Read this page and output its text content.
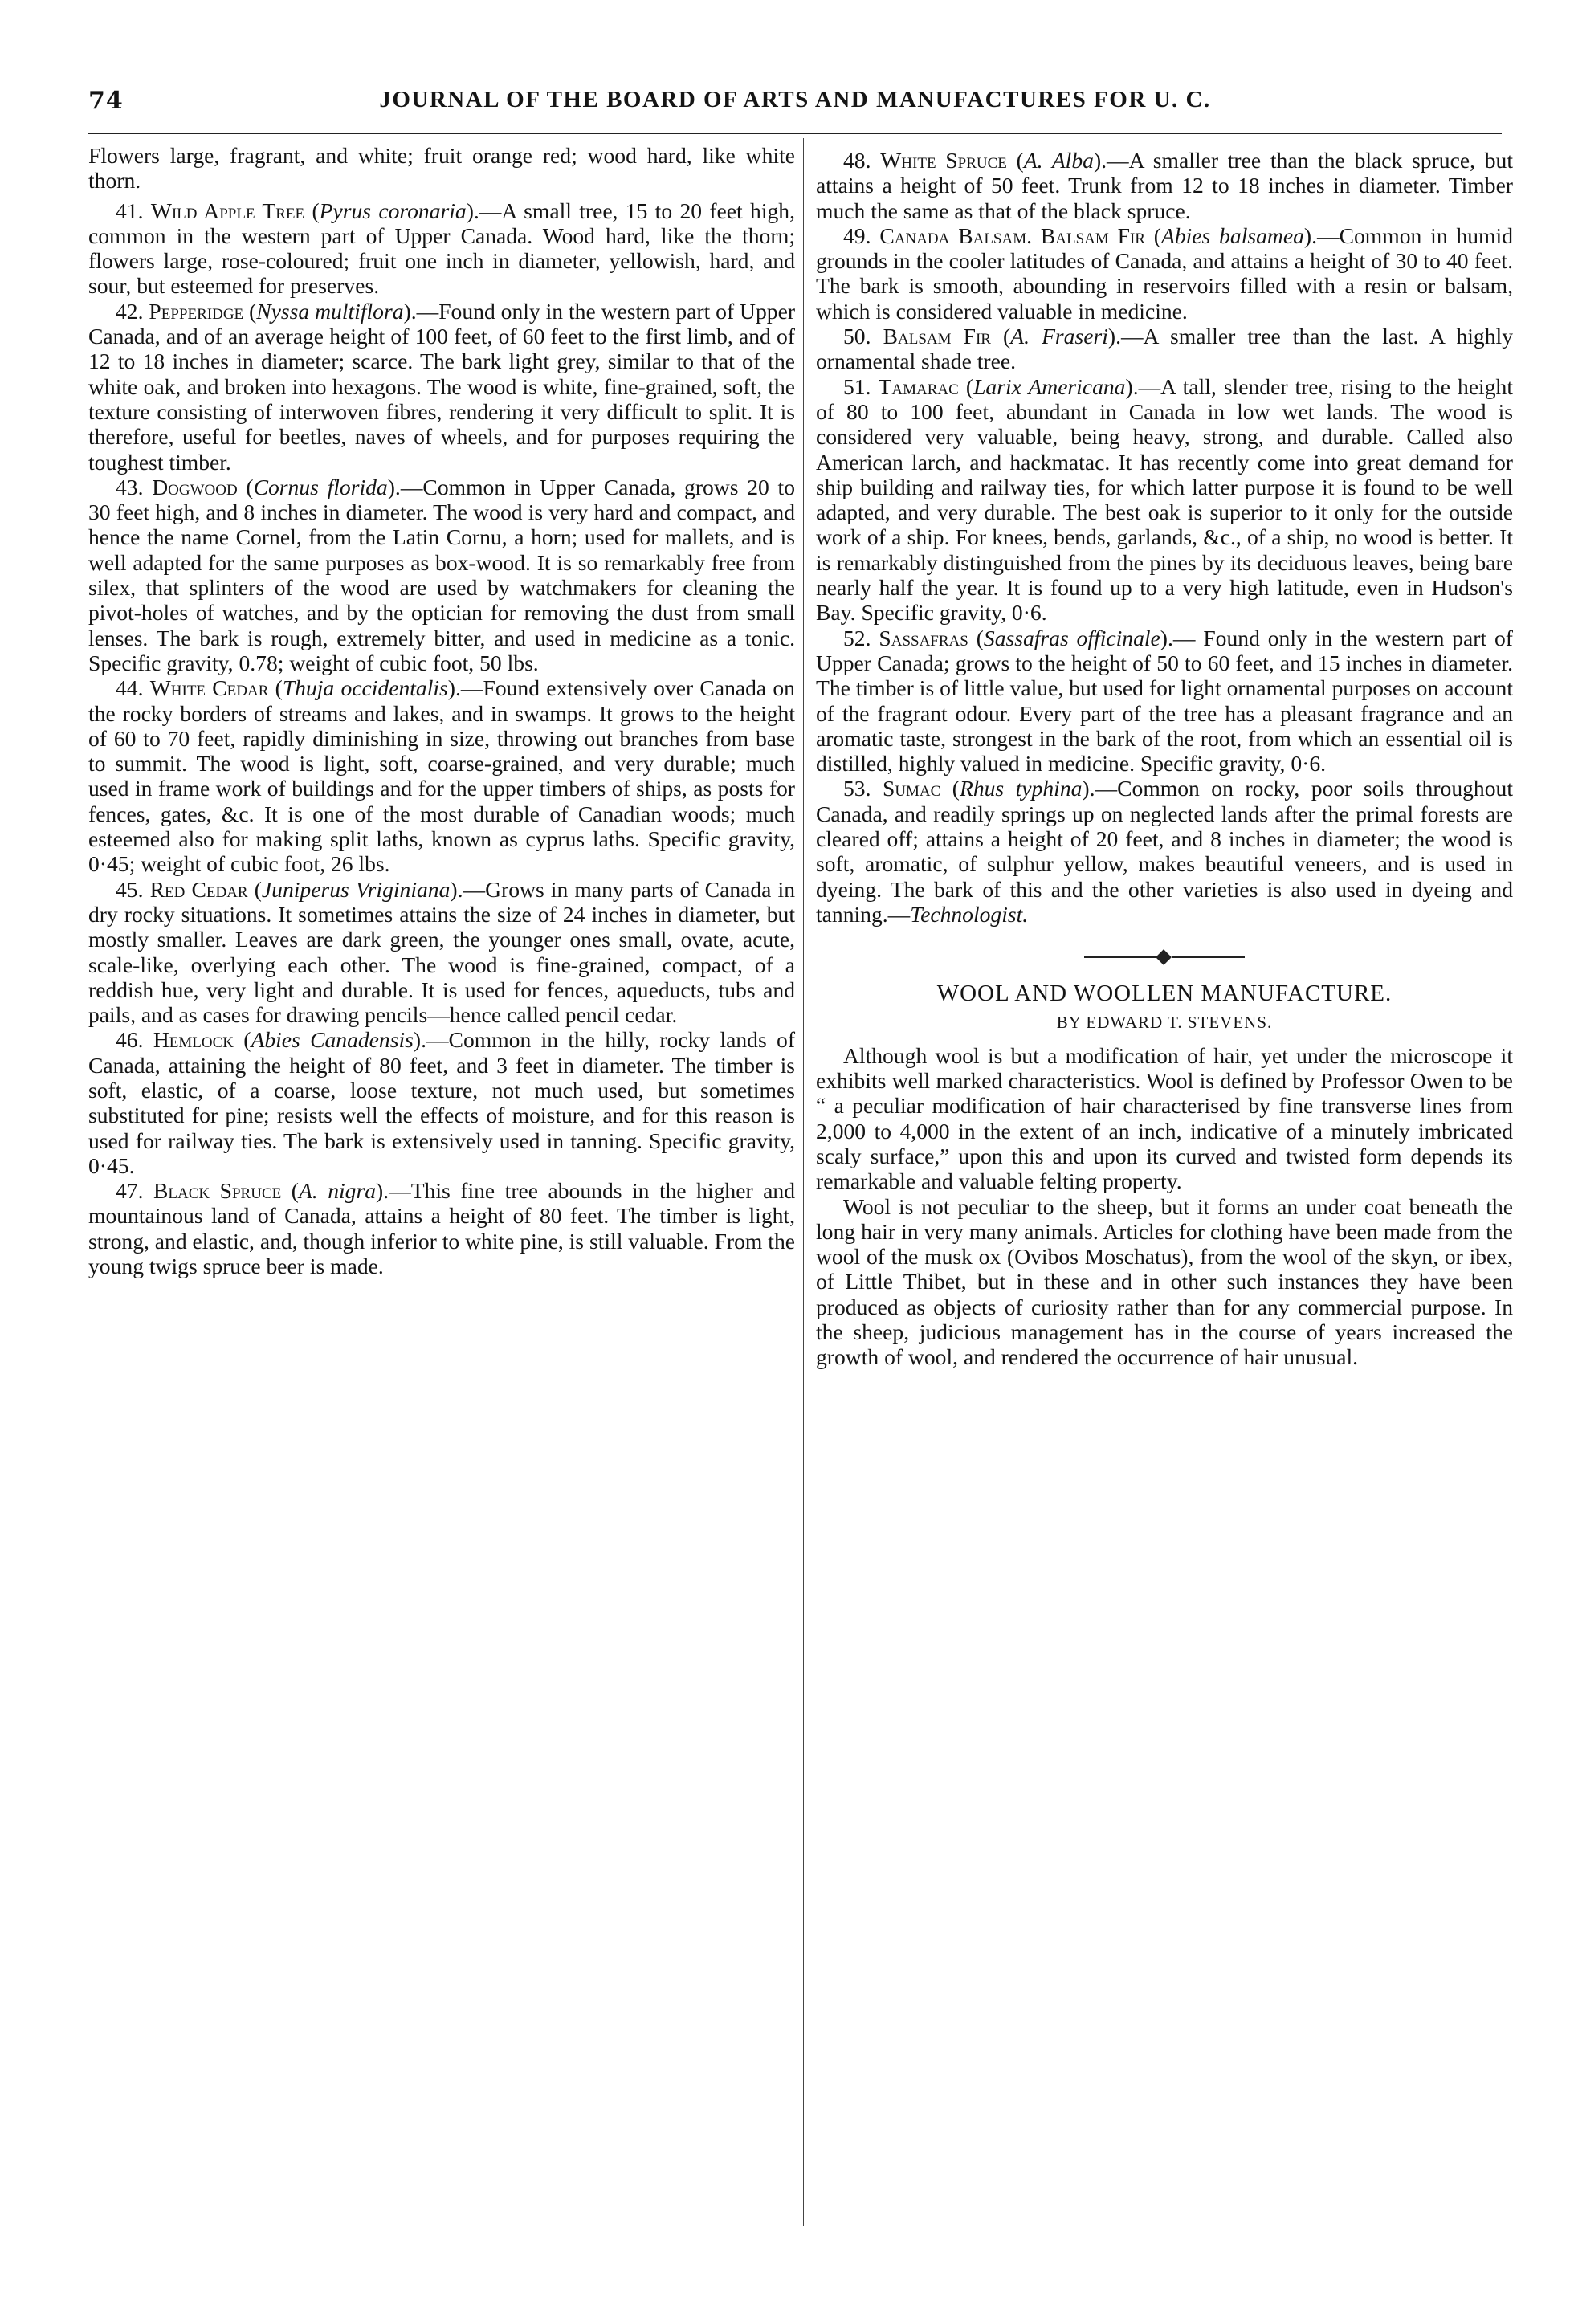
74	JOURNAL OF THE BOARD OF ARTS AND MANUFACTURES FOR U. C.

Flowers large, fragrant, and white; fruit orange red; wood hard, like white thorn.

41. Wild Apple Tree (Pyrus coronaria).—A small tree, 15 to 20 feet high, common in the western part of Upper Canada. Wood hard, like the thorn; flowers large, rose-coloured; fruit one inch in diameter, yellowish, hard, and sour, but esteemed for preserves.

42. Pepperidge (Nyssa multiflora).—Found only in the western part of Upper Canada, and of an average height of 100 feet, of 60 feet to the first limb, and of 12 to 18 inches in diameter; scarce. The bark light grey, similar to that of the white oak, and broken into hexagons. The wood is white, fine-grained, soft, the texture consisting of interwoven fibres, rendering it very difficult to split. It is therefore, useful for beetles, naves of wheels, and for purposes requiring the toughest timber.

43. Dogwood (Cornus florida).—Common in Upper Canada, grows 20 to 30 feet high, and 8 inches in diameter. The wood is very hard and compact, and hence the name Cornel, from the Latin Cornu, a horn; used for mallets, and is well adapted for the same purposes as box-wood. It is so remarkably free from silex, that splinters of the wood are used by watchmakers for cleaning the pivot-holes of watches, and by the optician for removing the dust from small lenses. The bark is rough, extremely bitter, and used in medicine as a tonic. Specific gravity, 0.78; weight of cubic foot, 50 lbs.

44. White Cedar (Thuja occidentalis).—Found extensively over Canada on the rocky borders of streams and lakes, and in swamps. It grows to the height of 60 to 70 feet, rapidly diminishing in size, throwing out branches from base to summit. The wood is light, soft, coarse-grained, and very durable; much used in frame work of buildings and for the upper timbers of ships, as posts for fences, gates, &c. It is one of the most durable of Canadian woods; much esteemed also for making split laths, known as cyprus laths. Specific gravity, 0·45; weight of cubic foot, 26 lbs.

45. Red Cedar (Juniperus Vriginiana).—Grows in many parts of Canada in dry rocky situations. It sometimes attains the size of 24 inches in diameter, but mostly smaller. Leaves are dark green, the younger ones small, ovate, acute, scale-like, overlying each other. The wood is fine-grained, compact, of a reddish hue, very light and durable. It is used for fences, aqueducts, tubs and pails, and as cases for drawing pencils—hence called pencil cedar.

46. Hemlock (Abies Canadensis).—Common in the hilly, rocky lands of Canada, attaining the height of 80 feet, and 3 feet in diameter. The timber is soft, elastic, of a coarse, loose texture, not much used, but sometimes substituted for pine; resists well the effects of moisture, and for this reason is used for railway ties. The bark is extensively used in tanning. Specific gravity, 0·45.

47. Black Spruce (A. nigra).—This fine tree abounds in the higher and mountainous land of Canada, attains a height of 80 feet. The timber is light, strong, and elastic, and, though inferior to white pine, is still valuable. From the young twigs spruce beer is made.

48. White Spruce (A. Alba).—A smaller tree than the black spruce, but attains a height of 50 feet. Trunk from 12 to 18 inches in diameter. Timber much the same as that of the black spruce.

49. Canada Balsam. Balsam Fir (Abies balsamea).—Common in humid grounds in the cooler latitudes of Canada, and attains a height of 30 to 40 feet. The bark is smooth, abounding in reservoirs filled with a resin or balsam, which is considered valuable in medicine.

50. Balsam Fir (A. Fraseri).—A smaller tree than the last. A highly ornamental shade tree.

51. Tamarac (Larix Americana).—A tall, slender tree, rising to the height of 80 to 100 feet, abundant in Canada in low wet lands. The wood is considered very valuable, being heavy, strong, and durable. Called also American larch, and hackmatac. It has recently come into great demand for ship building and railway ties, for which latter purpose it is found to be well adapted, and very durable. The best oak is superior to it only for the outside work of a ship. For knees, bends, garlands, &c., of a ship, no wood is better. It is remarkably distinguished from the pines by its deciduous leaves, being bare nearly half the year. It is found up to a very high latitude, even in Hudson's Bay. Specific gravity, 0·6.

52. Sassafras (Sassafras officinale).— Found only in the western part of Upper Canada; grows to the height of 50 to 60 feet, and 15 inches in diameter. The timber is of little value, but used for light ornamental purposes on account of the fragrant odour. Every part of the tree has a pleasant fragrance and an aromatic taste, strongest in the bark of the root, from which an essential oil is distilled, highly valued in medicine. Specific gravity, 0·6.

53. Sumac (Rhus typhina).—Common on rocky, poor soils throughout Canada, and readily springs up on neglected lands after the primal forests are cleared off; attains a height of 20 feet, and 8 inches in diameter; the wood is soft, aromatic, of sulphur yellow, makes beautiful veneers, and is used in dyeing. The bark of this and the other varieties is also used in dyeing and tanning.—Technologist.

WOOL AND WOOLLEN MANUFACTURE.
BY EDWARD T. STEVENS.

Although wool is but a modification of hair, yet under the microscope it exhibits well marked characteristics. Wool is defined by Professor Owen to be “ a peculiar modification of hair characterised by fine transverse lines from 2,000 to 4,000 in the extent of an inch, indicative of a minutely imbricated scaly surface,” upon this and upon its curved and twisted form depends its remarkable and valuable felting property.

Wool is not peculiar to the sheep, but it forms an under coat beneath the long hair in very many animals. Articles for clothing have been made from the wool of the musk ox (Ovibos Moschatus), from the wool of the skyn, or ibex, of Little Thibet, but in these and in other such instances they have been produced as objects of curiosity rather than for any commercial purpose. In the sheep, judicious management has in the course of years increased the growth of wool, and rendered the occurrence of hair unusual.
